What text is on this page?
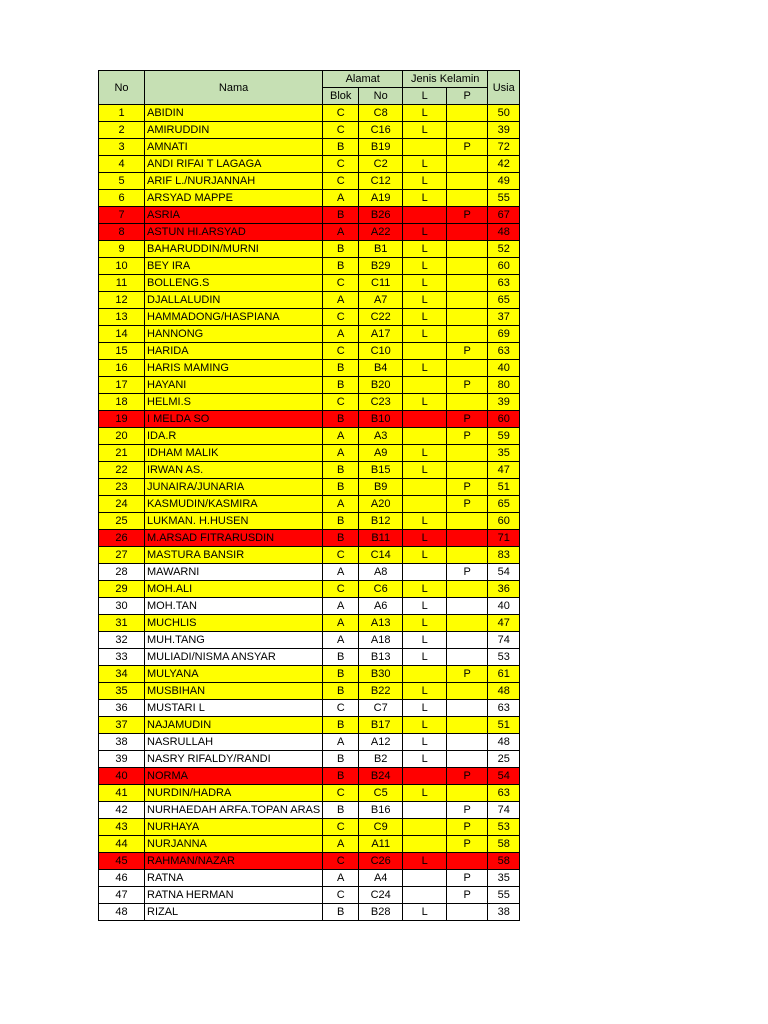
No	Nama	Alamat		Jenis Kelamin		Usia
		Blok	No	L	P	
1	ABIDIN	C	C8	L		50
2	AMIRUDDIN	C	C16	L		39
3	AMNATI	B	B19		P	72
4	ANDI RIFAI T LAGAGA	C	C2	L		42
5	ARIF L./NURJANNAH	C	C12	L		49
6	ARSYAD MAPPE	A	A19	L		55
7	ASRIA	B	B26		P	67
8	ASTUN HI.ARSYAD	A	A22	L		48
9	BAHARUDDIN/MURNI	B	B1	L		52
10	BEY IRA	B	B29	L		60
11	BOLLENG.S	C	C11	L		63
12	DJALLALUDIN	A	A7	L		65
13	HAMMADONG/HASPIANA	C	C22	L		37
14	HANNONG	A	A17	L		69
15	HARIDA	C	C10		P	63
16	HARIS MAMING	B	B4	L		40
17	HAYANI	B	B20		P	80
18	HELMI.S	C	C23	L		39
19	I MELDA SO	B	B10		P	60
20	IDA.R	A	A3		P	59
21	IDHAM MALIK	A	A9	L		35
22	IRWAN AS.	B	B15	L		47
23	JUNAIRA/JUNARIA	B	B9		P	51
24	KASMUDIN/KASMIRA	A	A20		P	65
25	LUKMAN. H.HUSEN	B	B12	L		60
26	M.ARSAD FITRARUSDIN	B	B11	L		71
27	MASTURA BANSIR	C	C14	L		83
28	MAWARNI	A	A8		P	54
29	MOH.ALI	C	C6	L		36
30	MOH.TAN	A	A6	L		40
31	MUCHLIS	A	A13	L		47
32	MUH.TANG	A	A18	L		74
33	MULIADI/NISMA ANSYAR	B	B13	L		53
34	MULYANA	B	B30		P	61
35	MUSBIHAN	B	B22	L		48
36	MUSTARI L	C	C7	L		63
37	NAJAMUDIN	B	B17	L		51
38	NASRULLAH	A	A12	L		48
39	NASRY RIFALDY/RANDI	B	B2	L		25
40	NORMA	B	B24		P	54
41	NURDIN/HADRA	C	C5	L		63
42	NURHAEDAH ARFA.TOPAN ARAS	B	B16		P	74
43	NURHAYA	C	C9		P	53
44	NURJANNA	A	A11		P	58
45	RAHMAN/NAZAR	C	C26	L		58
46	RATNA	A	A4		P	35
47	RATNA HERMAN	C	C24		P	55
48	RIZAL	B	B28	L		38
